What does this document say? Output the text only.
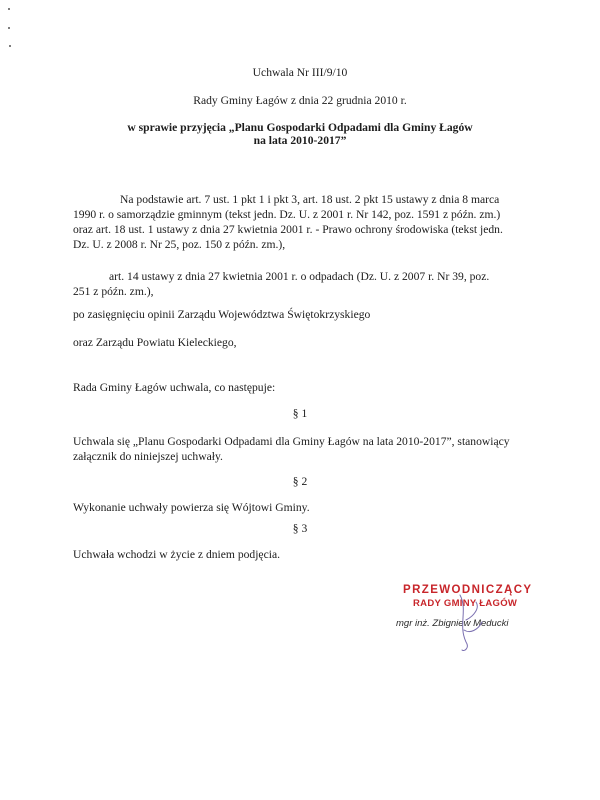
Uchwala Nr III/9/10
Rady Gminy Łagów z dnia 22 grudnia 2010 r.
w sprawie przyjęcia „Planu Gospodarki Odpadami dla Gminy Łagów
na lata 2010-2017”
Na podstawie art. 7 ust. 1 pkt 1 i pkt 3, art. 18 ust. 2 pkt 15 ustawy z dnia 8 marca
1990 r. o samorządzie gminnym (tekst jedn. Dz. U. z 2001 r. Nr 142, poz. 1591 z późn. zm.)
oraz art. 18 ust. 1 ustawy z dnia 27 kwietnia 2001 r. - Prawo ochrony środowiska (tekst jedn.
Dz. U. z 2008 r. Nr 25, poz. 150 z późn. zm.),
art. 14 ustawy z dnia 27 kwietnia 2001 r. o odpadach (Dz. U. z 2007 r. Nr 39, poz.
251 z późn. zm.),
po zasięgnięciu opinii Zarządu Województwa Świętokrzyskiego
oraz Zarządu Powiatu Kieleckiego,
Rada Gminy Łagów uchwala, co następuje:
§ 1
Uchwala się „Planu Gospodarki Odpadami dla Gminy Łagów na lata 2010-2017”, stanowiący
załącznik do niniejszej uchwały.
§ 2
Wykonanie uchwały powierza się Wójtowi Gminy.
§ 3
Uchwała wchodzi w życie z dniem podjęcia.
PRZEWODNICZĄCY
RADY GMINY ŁAGÓW
mgr inż. Zbigniew Meducki
